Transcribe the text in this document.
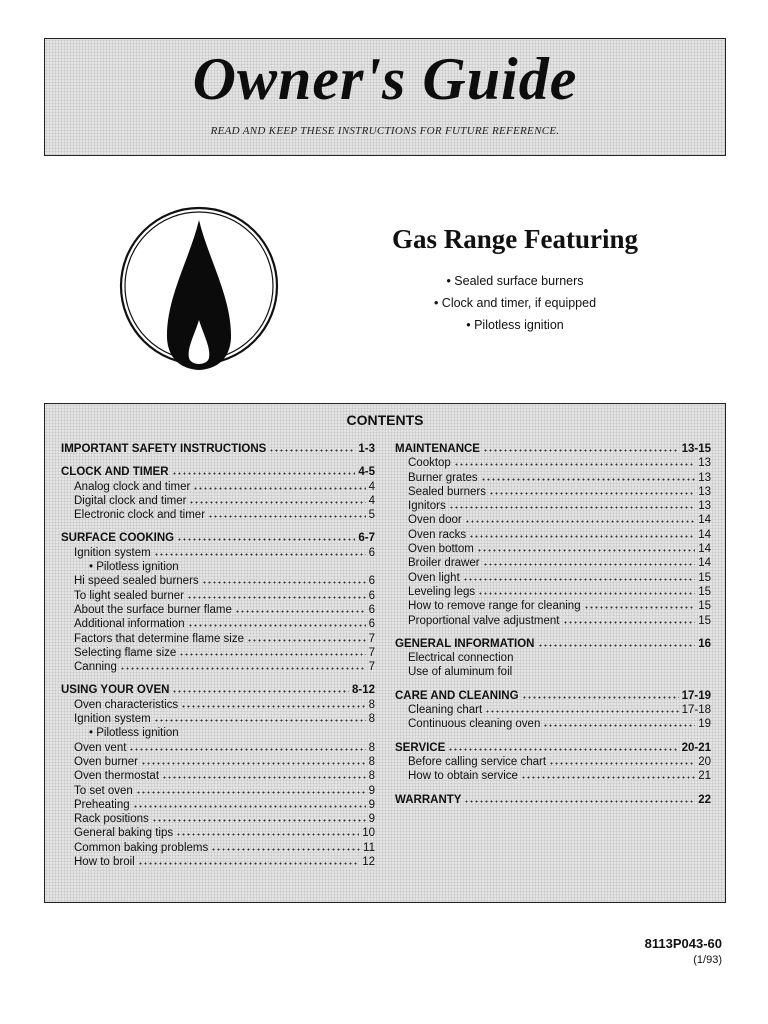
Owner's Guide
READ AND KEEP THESE INSTRUCTIONS FOR FUTURE REFERENCE.
Gas Range Featuring
• Sealed surface burners
• Clock and timer, if equipped
• Pilotless ignition
CONTENTS
IMPORTANT SAFETY INSTRUCTIONS	1-3
CLOCK AND TIMER	4-5
Analog clock and timer	4
Digital clock and timer	4
Electronic clock and timer	5
SURFACE COOKING	6-7
Ignition system	6
• Pilotless ignition
Hi speed sealed burners	6
To light sealed burner	6
About the surface burner flame	6
Additional information	6
Factors that determine flame size	7
Selecting flame size	7
Canning	7
USING YOUR OVEN	8-12
Oven characteristics	8
Ignition system	8
• Pilotless ignition
Oven vent	8
Oven burner	8
Oven thermostat	8
To set oven	9
Preheating	9
Rack positions	9
General baking tips	10
Common baking problems	11
How to broil	12
MAINTENANCE	13-15
Cooktop	13
Burner grates	13
Sealed burners	13
Ignitors	13
Oven door	14
Oven racks	14
Oven bottom	14
Broiler drawer	14
Oven light	15
Leveling legs	15
How to remove range for cleaning	15
Proportional valve adjustment	15
GENERAL INFORMATION	16
Electrical connection
Use of aluminum foil
CARE AND CLEANING	17-19
Cleaning chart	17-18
Continuous cleaning oven	19
SERVICE	20-21
Before calling service chart	20
How to obtain service	21
WARRANTY	22
8113P043-60
(1/93)
